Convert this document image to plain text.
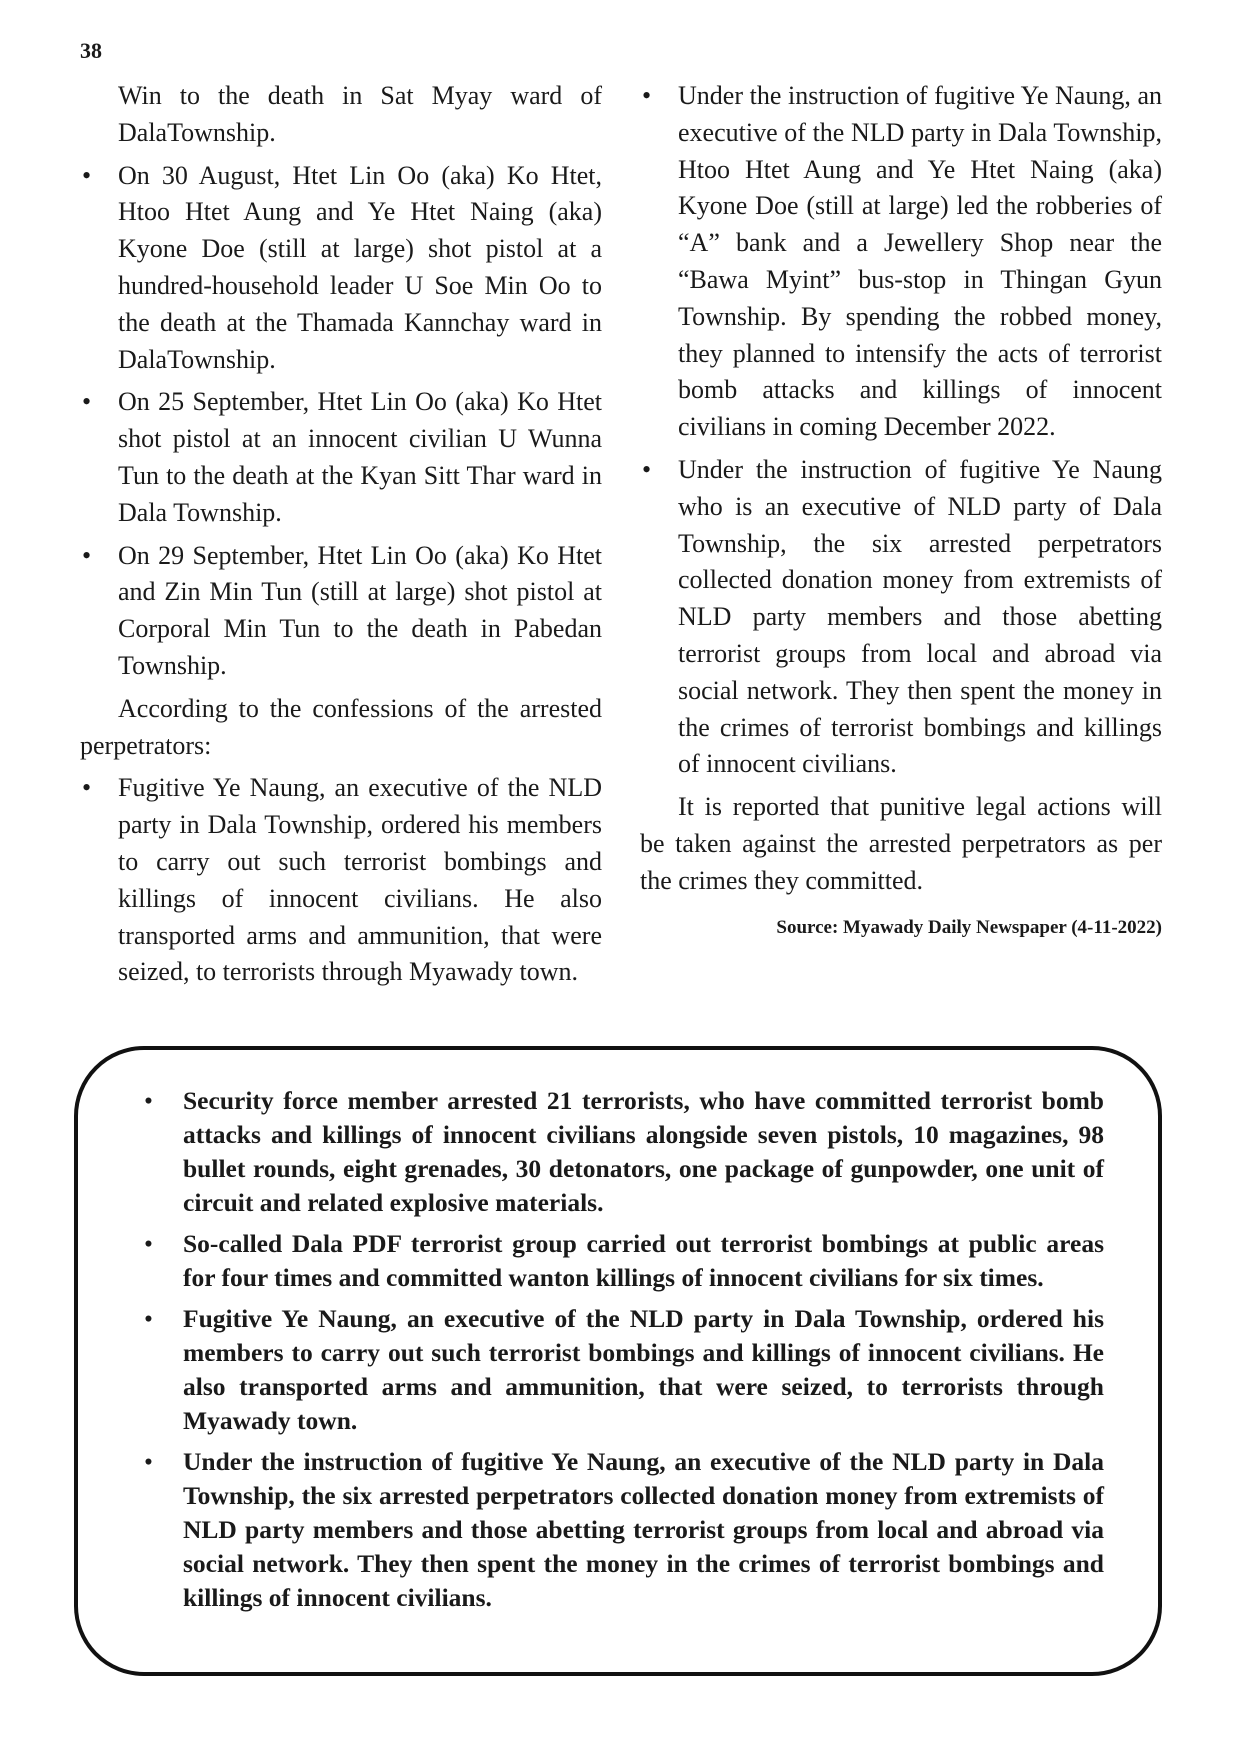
38
Win to the death in Sat Myay ward of DalaTownship.
• On 30 August, Htet Lin Oo (aka) Ko Htet, Htoo Htet Aung and Ye Htet Naing (aka) Kyone Doe (still at large) shot pistol at a hundred-household leader U Soe Min Oo to the death at the Thamada Kannchay ward in DalaTownship.
• On 25 September, Htet Lin Oo (aka) Ko Htet shot pistol at an innocent civilian U Wunna Tun to the death at the Kyan Sitt Thar ward in Dala Township.
• On 29 September, Htet Lin Oo (aka) Ko Htet and Zin Min Tun (still at large) shot pistol at Corporal Min Tun to the death in Pabedan Township.

According to the confessions of the arrested perpetrators:

• Fugitive Ye Naung, an executive of the NLD party in Dala Township, ordered his members to carry out such terrorist bombings and killings of innocent civilians. He also transported arms and ammunition, that were seized, to terrorists through Myawady town.
• Under the instruction of fugitive Ye Naung, an executive of the NLD party in Dala Township, Htoo Htet Aung and Ye Htet Naing (aka) Kyone Doe (still at large) led the robberies of “A” bank and a Jewellery Shop near the “Bawa Myint” bus-stop in Thingan Gyun Township. By spending the robbed money, they planned to intensify the acts of terrorist bomb attacks and killings of innocent civilians in coming December 2022.
• Under the instruction of fugitive Ye Naung who is an executive of NLD party of Dala Township, the six arrested perpetrators collected donation money from extremists of NLD party members and those abetting terrorist groups from local and abroad via social network. They then spent the money in the crimes of terrorist bombings and killings of innocent civilians.

It is reported that punitive legal actions will be taken against the arrested perpetrators as per the crimes they committed.

Source: Myawady Daily Newspaper (4-11-2022)
• Security force member arrested 21 terrorists, who have committed terrorist bomb attacks and killings of innocent civilians alongside seven pistols, 10 magazines, 98 bullet rounds, eight grenades, 30 detonators, one package of gunpowder, one unit of circuit and related explosive materials.
• So-called Dala PDF terrorist group carried out terrorist bombings at public areas for four times and committed wanton killings of innocent civilians for six times.
• Fugitive Ye Naung, an executive of the NLD party in Dala Township, ordered his members to carry out such terrorist bombings and killings of innocent civilians. He also transported arms and ammunition, that were seized, to terrorists through Myawady town.
• Under the instruction of fugitive Ye Naung, an executive of the NLD party in Dala Township, the six arrested perpetrators collected donation money from extremists of NLD party members and those abetting terrorist groups from local and abroad via social network. They then spent the money in the crimes of terrorist bombings and killings of innocent civilians.
